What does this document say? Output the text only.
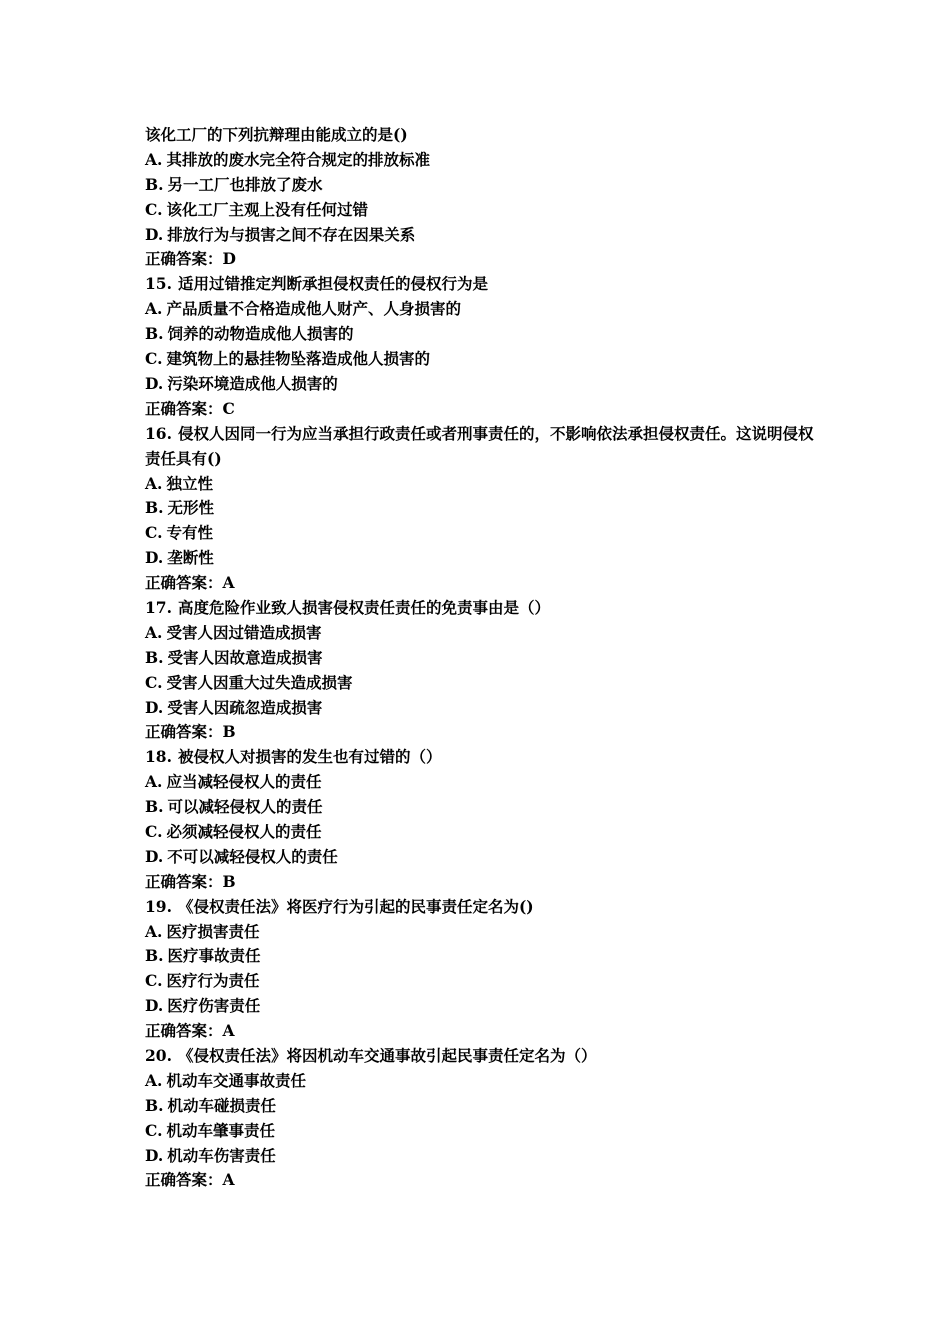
该化工厂的下列抗辩理由能成立的是()
A. 其排放的废水完全符合规定的排放标准
B. 另一工厂也排放了废水
C. 该化工厂主观上没有任何过错
D. 排放行为与损害之间不存在因果关系
正确答案：D
15. 适用过错推定判断承担侵权责任的侵权行为是
A. 产品质量不合格造成他人财产、人身损害的
B. 饲养的动物造成他人损害的
C. 建筑物上的悬挂物坠落造成他人损害的
D. 污染环境造成他人损害的
正确答案：C
16. 侵权人因同一行为应当承担行政责任或者刑事责任的，不影响依法承担侵权责任。这说明侵权责任具有()
A. 独立性
B. 无形性
C. 专有性
D. 垄断性
正确答案：A
17. 高度危险作业致人损害侵权责任责任的免责事由是（）
A. 受害人因过错造成损害
B. 受害人因故意造成损害
C. 受害人因重大过失造成损害
D. 受害人因疏忽造成损害
正确答案：B
18. 被侵权人对损害的发生也有过错的（）
A. 应当减轻侵权人的责任
B. 可以减轻侵权人的责任
C. 必须减轻侵权人的责任
D. 不可以减轻侵权人的责任
正确答案：B
19. 《侵权责任法》将医疗行为引起的民事责任定名为()
A. 医疗损害责任
B. 医疗事故责任
C. 医疗行为责任
D. 医疗伤害责任
正确答案：A
20. 《侵权责任法》将因机动车交通事故引起民事责任定名为（）
A. 机动车交通事故责任
B. 机动车碰损责任
C. 机动车肇事责任
D. 机动车伤害责任
正确答案：A
